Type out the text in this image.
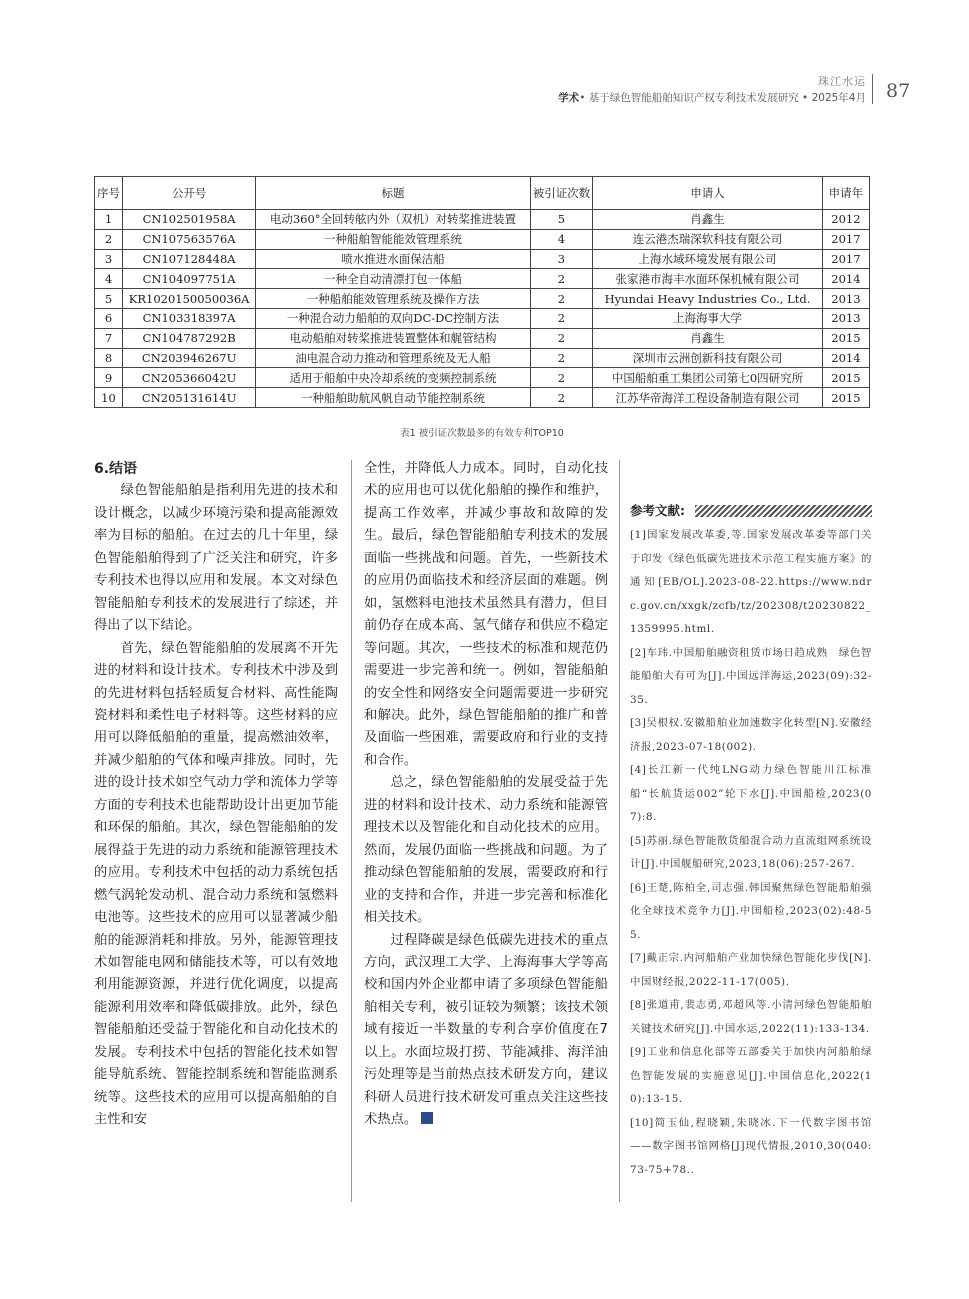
珠江水运
学术• 基于绿色智能船舶知识产权专利技术发展研究 • 2025年4月 87
序号	公开号	标题	被引证次数	申请人	申请年
1	CN102501958A	电动360°全回转舷内外（双机）对转桨推进装置	5	肖鑫生	2012
2	CN107563576A	一种船舶智能能效管理系统	4	连云港杰瑞深软科技有限公司	2017
3	CN107128448A	喷水推进水面保洁船	3	上海水域环境发展有限公司	2017
4	CN104097751A	一种全自动清漂打包一体船	2	张家港市海丰水面环保机械有限公司	2014
5	KR1020150050036A	一种船舶能效管理系统及操作方法	2	Hyundai Heavy Industries Co., Ltd.	2013
6	CN103318397A	一种混合动力船舶的双向DC-DC控制方法	2	上海海事大学	2013
7	CN104787292B	电动船舶对转桨推进装置整体和艉管结构	2	肖鑫生	2015
8	CN203946267U	油电混合动力推动和管理系统及无人船	2	深圳市云洲创新科技有限公司	2014
9	CN205366042U	适用于船舶中央冷却系统的变频控制系统	2	中国船舶重工集团公司第七0四研究所	2015
10	CN205131614U	一种船舶助航风帆自动节能控制系统	2	江苏华帝海洋工程设备制造有限公司	2015
表1 被引证次数最多的有效专利TOP10
6.结语

绿色智能船舶是指利用先进的技术和设计概念，以减少环境污染和提高能源效率为目标的船舶。在过去的几十年里，绿色智能船舶得到了广泛关注和研究，许多专利技术也得以应用和发展。本文对绿色智能船舶专利技术的发展进行了综述，并得出了以下结论。

首先，绿色智能船舶的发展离不开先进的材料和设计技术。专利技术中涉及到的先进材料包括轻质复合材料、高性能陶瓷材料和柔性电子材料等。这些材料的应用可以降低船舶的重量，提高燃油效率，并减少船舶的气体和噪声排放。同时，先进的设计技术如空气动力学和流体力学等方面的专利技术也能帮助设计出更加节能和环保的船舶。其次，绿色智能船舶的发展得益于先进的动力系统和能源管理技术的应用。专利技术中包括的动力系统包括燃气涡轮发动机、混合动力系统和氢燃料电池等。这些技术的应用可以显著减少船舶的能源消耗和排放。另外，能源管理技术如智能电网和储能技术等，可以有效地利用能源资源，并进行优化调度，以提高能源利用效率和降低碳排放。此外，绿色智能船舶还受益于智能化和自动化技术的发展。专利技术中包括的智能化技术如智能导航系统、智能控制系统和智能监测系统等。这些技术的应用可以提高船舶的自主性和安

全性，并降低人力成本。同时，自动化技术的应用也可以优化船舶的操作和维护，提高工作效率，并减少事故和故障的发生。最后，绿色智能船舶专利技术的发展面临一些挑战和问题。首先，一些新技术的应用仍面临技术和经济层面的难题。例如，氢燃料电池技术虽然具有潜力，但目前仍存在成本高、氢气储存和供应不稳定等问题。其次，一些技术的标准和规范仍需要进一步完善和统一。例如，智能船舶的安全性和网络安全问题需要进一步研究和解决。此外，绿色智能船舶的推广和普及面临一些困难，需要政府和行业的支持和合作。

总之，绿色智能船舶的发展受益于先进的材料和设计技术、动力系统和能源管理技术以及智能化和自动化技术的应用。然而，发展仍面临一些挑战和问题。为了推动绿色智能船舶的发展，需要政府和行业的支持和合作，并进一步完善和标准化相关技术。

过程降碳是绿色低碳先进技术的重点方向，武汉理工大学、上海海事大学等高校和国内外企业都申请了多项绿色智能船舶相关专利，被引证较为频繁；该技术领域有接近一半数量的专利合享价值度在7以上。水面垃圾打捞、节能减排、海洋油污处理等是当前热点技术研发方向，建议科研人员进行技术研发可重点关注这些技术热点。

参考文献:
[1]国家发展改革委,等.国家发展改革委等部门关于印发《绿色低碳先进技术示范工程实施方案》的通知[EB/OL].2023-08-22.https://www.ndrc.gov.cn/xxgk/zcfb/tz/202308/t20230822_1359995.html.
[2]车玮.中国船舶融资租赁市场日趋成熟　绿色智能船舶大有可为[J].中国远洋海运,2023(09):32-35.
[3]吴根权.安徽船舶业加速数字化转型[N].安徽经济报,2023-07-18(002).
[4]长江新一代纯LNG动力绿色智能川江标准船“长航货运002”轮下水[J].中国船检,2023(07):8.
[5]苏丽.绿色智能散货船混合动力直流组网系统设计[J].中国舰船研究,2023,18(06):257-267.
[6]王楚,陈柏全,司志强.韩国聚焦绿色智能船舶强化全球技术竞争力[J].中国船检,2023(02):48-55.
[7]戴正宗.内河船舶产业加快绿色智能化步伐[N].中国财经报,2022-11-17(005).
[8]张道甫,裴志勇,邓超风等.小清河绿色智能船舶关键技术研究[J].中国水运,2022(11):133-134.
[9]工业和信息化部等五部委关于加快内河船舶绿色智能发展的实施意见[J].中国信息化,2022(10):13-15.
[10]简玉仙,程晓颖,朱晓冰.下一代数字图书馆——数字图书馆网格[J]现代情报,2010,30(040:73-75+78..
